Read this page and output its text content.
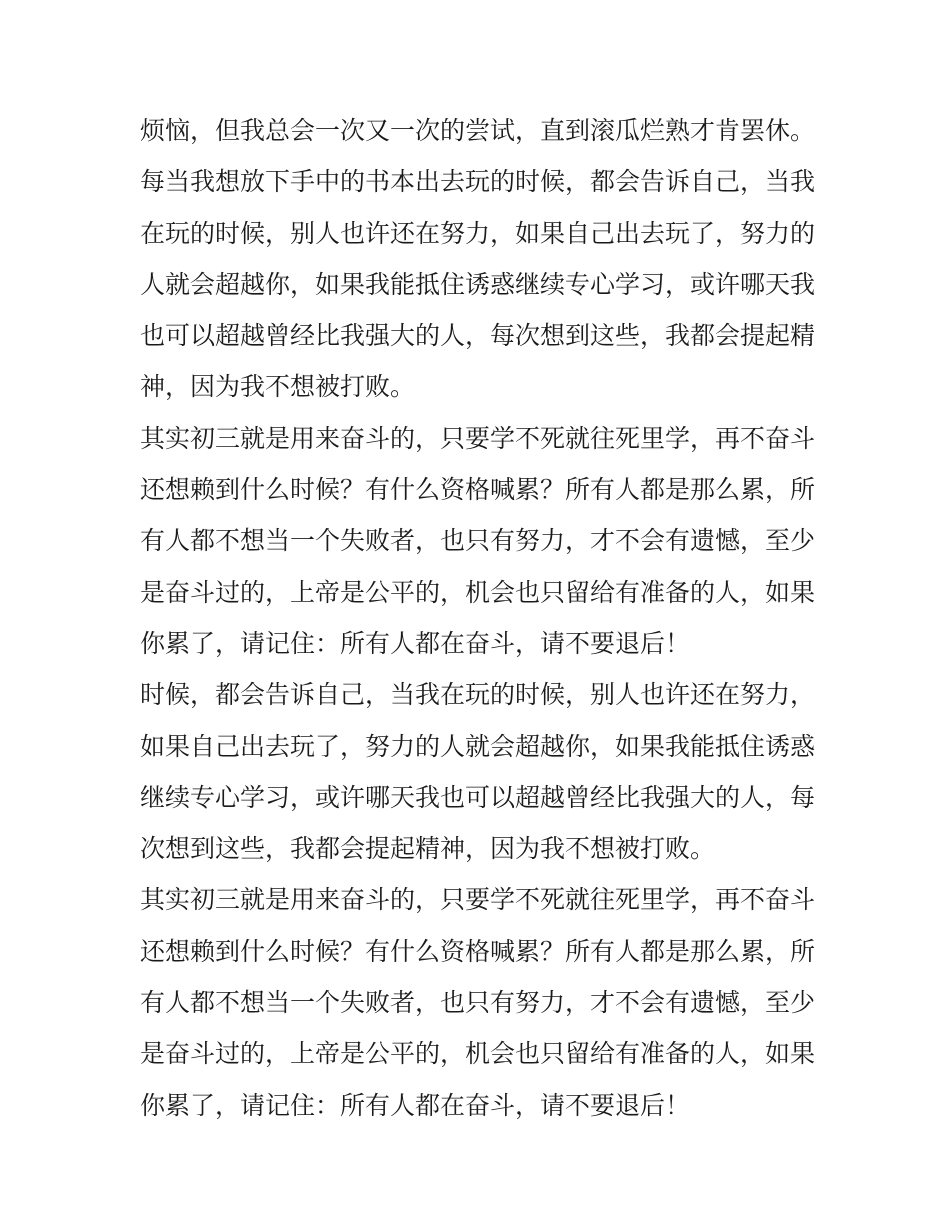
烦恼，但我总会一次又一次的尝试，直到滚瓜烂熟才肯罢休。
每当我想放下手中的书本出去玩的时候，都会告诉自己，当我
在玩的时候，别人也许还在努力，如果自己出去玩了，努力的
人就会超越你，如果我能抵住诱惑继续专心学习，或许哪天我
也可以超越曾经比我强大的人，每次想到这些，我都会提起精
神，因为我不想被打败。
其实初三就是用来奋斗的，只要学不死就往死里学，再不奋斗
还想赖到什么时候？有什么资格喊累？所有人都是那么累，所
有人都不想当一个失败者，也只有努力，才不会有遗憾，至少
是奋斗过的，上帝是公平的，机会也只留给有准备的人，如果
你累了，请记住：所有人都在奋斗，请不要退后！
时候，都会告诉自己，当我在玩的时候，别人也许还在努力，
如果自己出去玩了，努力的人就会超越你，如果我能抵住诱惑
继续专心学习，或许哪天我也可以超越曾经比我强大的人，每
次想到这些，我都会提起精神，因为我不想被打败。
其实初三就是用来奋斗的，只要学不死就往死里学，再不奋斗
还想赖到什么时候？有什么资格喊累？所有人都是那么累，所
有人都不想当一个失败者，也只有努力，才不会有遗憾，至少
是奋斗过的，上帝是公平的，机会也只留给有准备的人，如果
你累了，请记住：所有人都在奋斗，请不要退后！
